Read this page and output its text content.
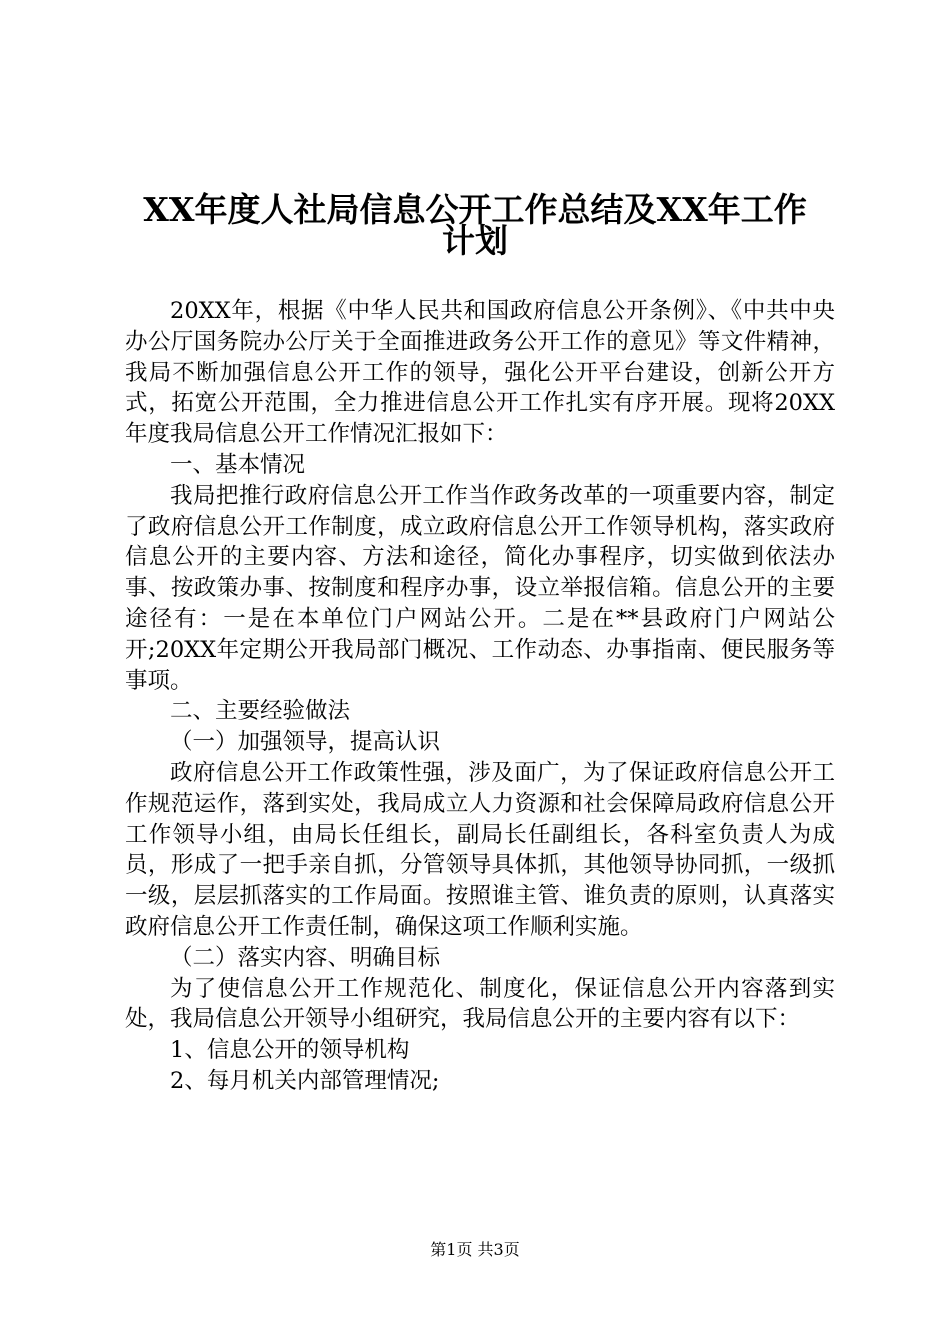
XX年度人社局信息公开工作总结及XX年工作
计划

20XX年，根据《中华人民共和国政府信息公开条例》、《中共中央办公厅国务院办公厅关于全面推进政务公开工作的意见》等文件精神，我局不断加强信息公开工作的领导，强化公开平台建设，创新公开方式，拓宽公开范围，全力推进信息公开工作扎实有序开展。现将20XX年度我局信息公开工作情况汇报如下：

一、基本情况

我局把推行政府信息公开工作当作政务改革的一项重要内容，制定了政府信息公开工作制度，成立政府信息公开工作领导机构，落实政府信息公开的主要内容、方法和途径，简化办事程序，切实做到依法办事、按政策办事、按制度和程序办事，设立举报信箱。信息公开的主要途径有：一是在本单位门户网站公开。二是在**县政府门户网站公开;20XX年定期公开我局部门概况、工作动态、办事指南、便民服务等事项。

二、主要经验做法

（一）加强领导，提高认识

政府信息公开工作政策性强，涉及面广，为了保证政府信息公开工作规范运作，落到实处，我局成立人力资源和社会保障局政府信息公开工作领导小组，由局长任组长，副局长任副组长，各科室负责人为成员，形成了一把手亲自抓，分管领导具体抓，其他领导协同抓，一级抓一级，层层抓落实的工作局面。按照谁主管、谁负责的原则，认真落实政府信息公开工作责任制，确保这项工作顺利实施。

（二）落实内容、明确目标

为了使信息公开工作规范化、制度化，保证信息公开内容落到实处，我局信息公开领导小组研究，我局信息公开的主要内容有以下：

1、信息公开的领导机构

2、每月机关内部管理情况;

第1页 共3页
